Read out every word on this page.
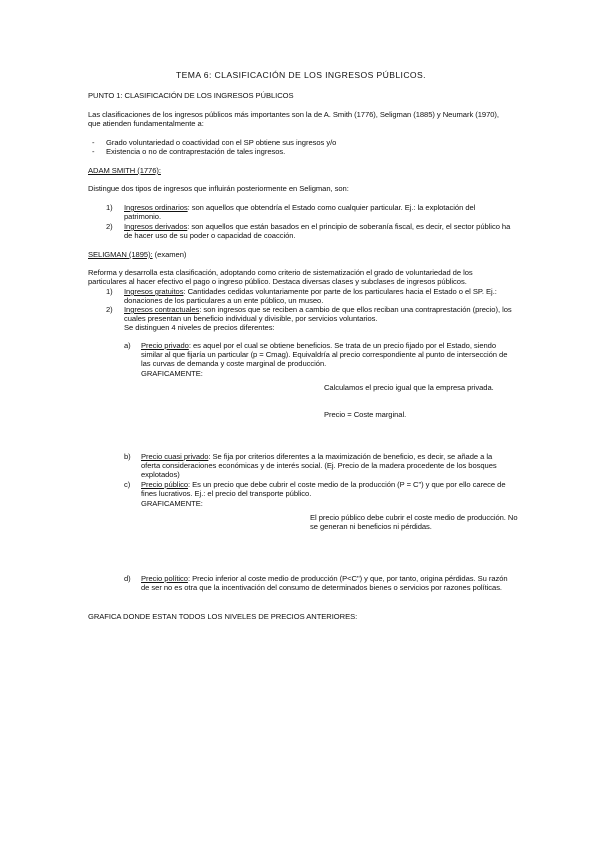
TEMA 6: CLASIFICACIÓN DE LOS INGRESOS PÚBLICOS.
PUNTO 1: CLASIFICACIÓN DE LOS INGRESOS PÚBLICOS
Las clasificaciones de los ingresos públicos más importantes son la de A. Smith (1776), Seligman (1885) y Neumark (1970), que atienden fundamentalmente a:
- Grado voluntariedad o coactividad con el SP obtiene sus ingresos y/o
- Existencia o no de contraprestación de tales ingresos.
ADAM SMITH (1776):
Distingue dos tipos de ingresos que influirán posteriormente en Seligman, son:
1) Ingresos ordinarios: son aquellos que obtendría el Estado como cualquier particular. Ej.: la explotación del patrimonio.
2) Ingresos derivados: son aquellos que están basados en el principio de soberanía fiscal, es decir, el sector público ha de hacer uso de su poder o capacidad de coacción.
SELIGMAN (1895): (examen)
Reforma y desarrolla esta clasificación, adoptando como criterio de sistematización el grado de voluntariedad de los particulares al hacer efectivo el pago o ingreso público. Destaca diversas clases y subclases de ingresos públicos.
1) Ingresos gratuitos: Cantidades cedidas voluntariamente por parte de los particulares hacia el Estado o el SP. Ej.: donaciones de los particulares a un ente público, un museo.
2) Ingresos contractuales: son ingresos que se reciben a cambio de que ellos reciban una contraprestación (precio), los cuales presentan un beneficio individual y divisible, por servicios voluntarios.
Se distinguen 4 niveles de precios diferentes:
a) Precio privado: es aquel por el cual se obtiene beneficios. Se trata de un precio fijado por el Estado, siendo similar al que fijaría un particular (p = Cmag). Equivaldría al precio correspondiente al punto de intersección de las curvas de demanda y coste marginal de producción.
GRAFICAMENTE:
Calculamos el precio igual que la empresa privada.
Precio = Coste marginal.
b) Precio cuasi privado: Se fija por criterios diferentes a la maximización de beneficio, es decir, se añade a la oferta consideraciones económicas y de interés social. (Ej. Precio de la madera procedente de los bosques explotados)
c) Precio público: Es un precio que debe cubrir el coste medio de la producción (P = C") y que por ello carece de fines lucrativos. Ej.: el precio del transporte público.
GRAFICAMENTE:
El precio público debe cubrir el coste medio de producción. No se generan ni beneficios ni pérdidas.
d) Precio político: Precio inferior al coste medio de producción (P<C") y que, por tanto, origina pérdidas. Su razón de ser no es otra que la incentivación del consumo de determinados bienes o servicios por razones políticas.
GRAFICA DONDE ESTAN TODOS LOS NIVELES DE PRECIOS ANTERIORES:
